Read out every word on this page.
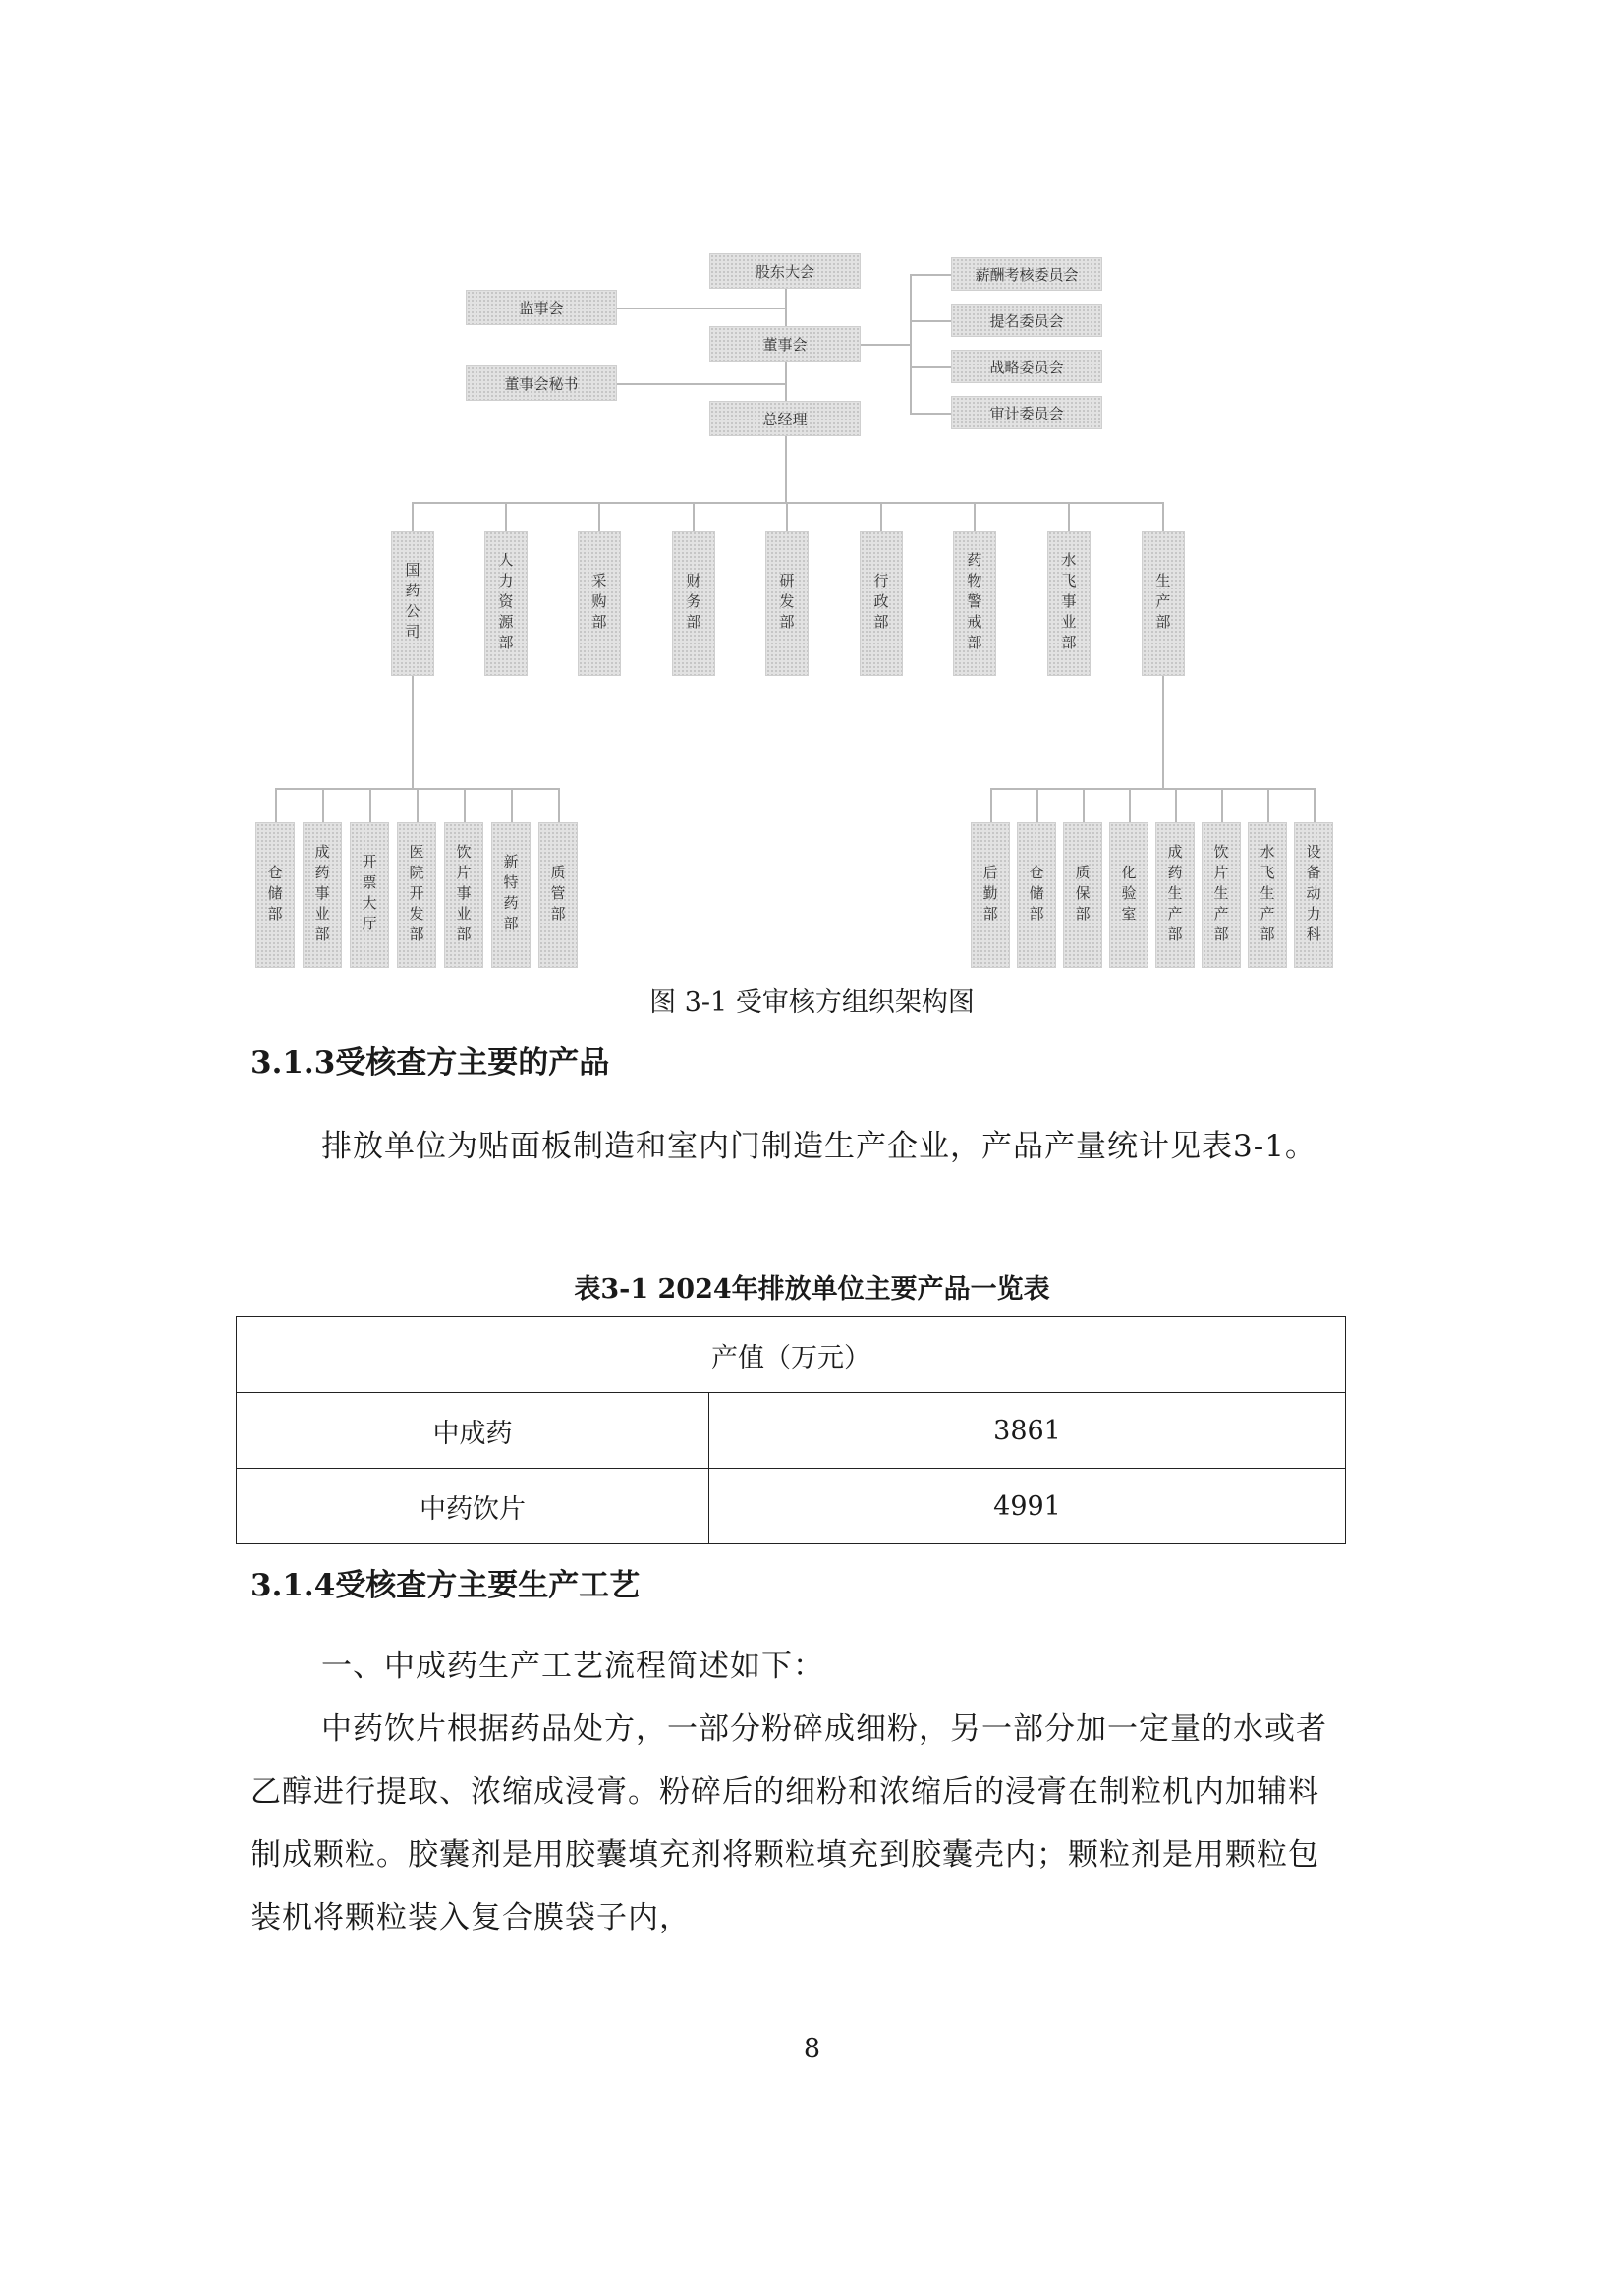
股东大会
监事会
董事会
董事会秘书
总经理
薪酬考核委员会
提名委员会
战略委员会
审计委员会
国药公司	人力资源部	采购部	财务部	研发部	行政部	药物警戒部	水飞事业部	生产部
仓储部	成药事业部	开票大厅	医院开发部	饮片事业部	新特药部	质管部	后勤部	仓储部	质保部	化验室	成药生产部	饮片生产部	水飞生产部	设备动力科
图 3-1 受审核方组织架构图
3.1.3受核查方主要的产品
排放单位为贴面板制造和室内门制造生产企业，产品产量统计见表3-1。
表3-1 2024年排放单位主要产品一览表
产值（万元）	
中成药	3861
中药饮片	4991
3.1.4受核查方主要生产工艺
一、中成药生产工艺流程简述如下：
中药饮片根据药品处方，一部分粉碎成细粉，另一部分加一定量的水或者乙醇进行提取、浓缩成浸膏。粉碎后的细粉和浓缩后的浸膏在制粒机内加辅料制成颗粒。胶囊剂是用胶囊填充剂将颗粒填充到胶囊壳内；颗粒剂是用颗粒包装机将颗粒装入复合膜袋子内，
8
